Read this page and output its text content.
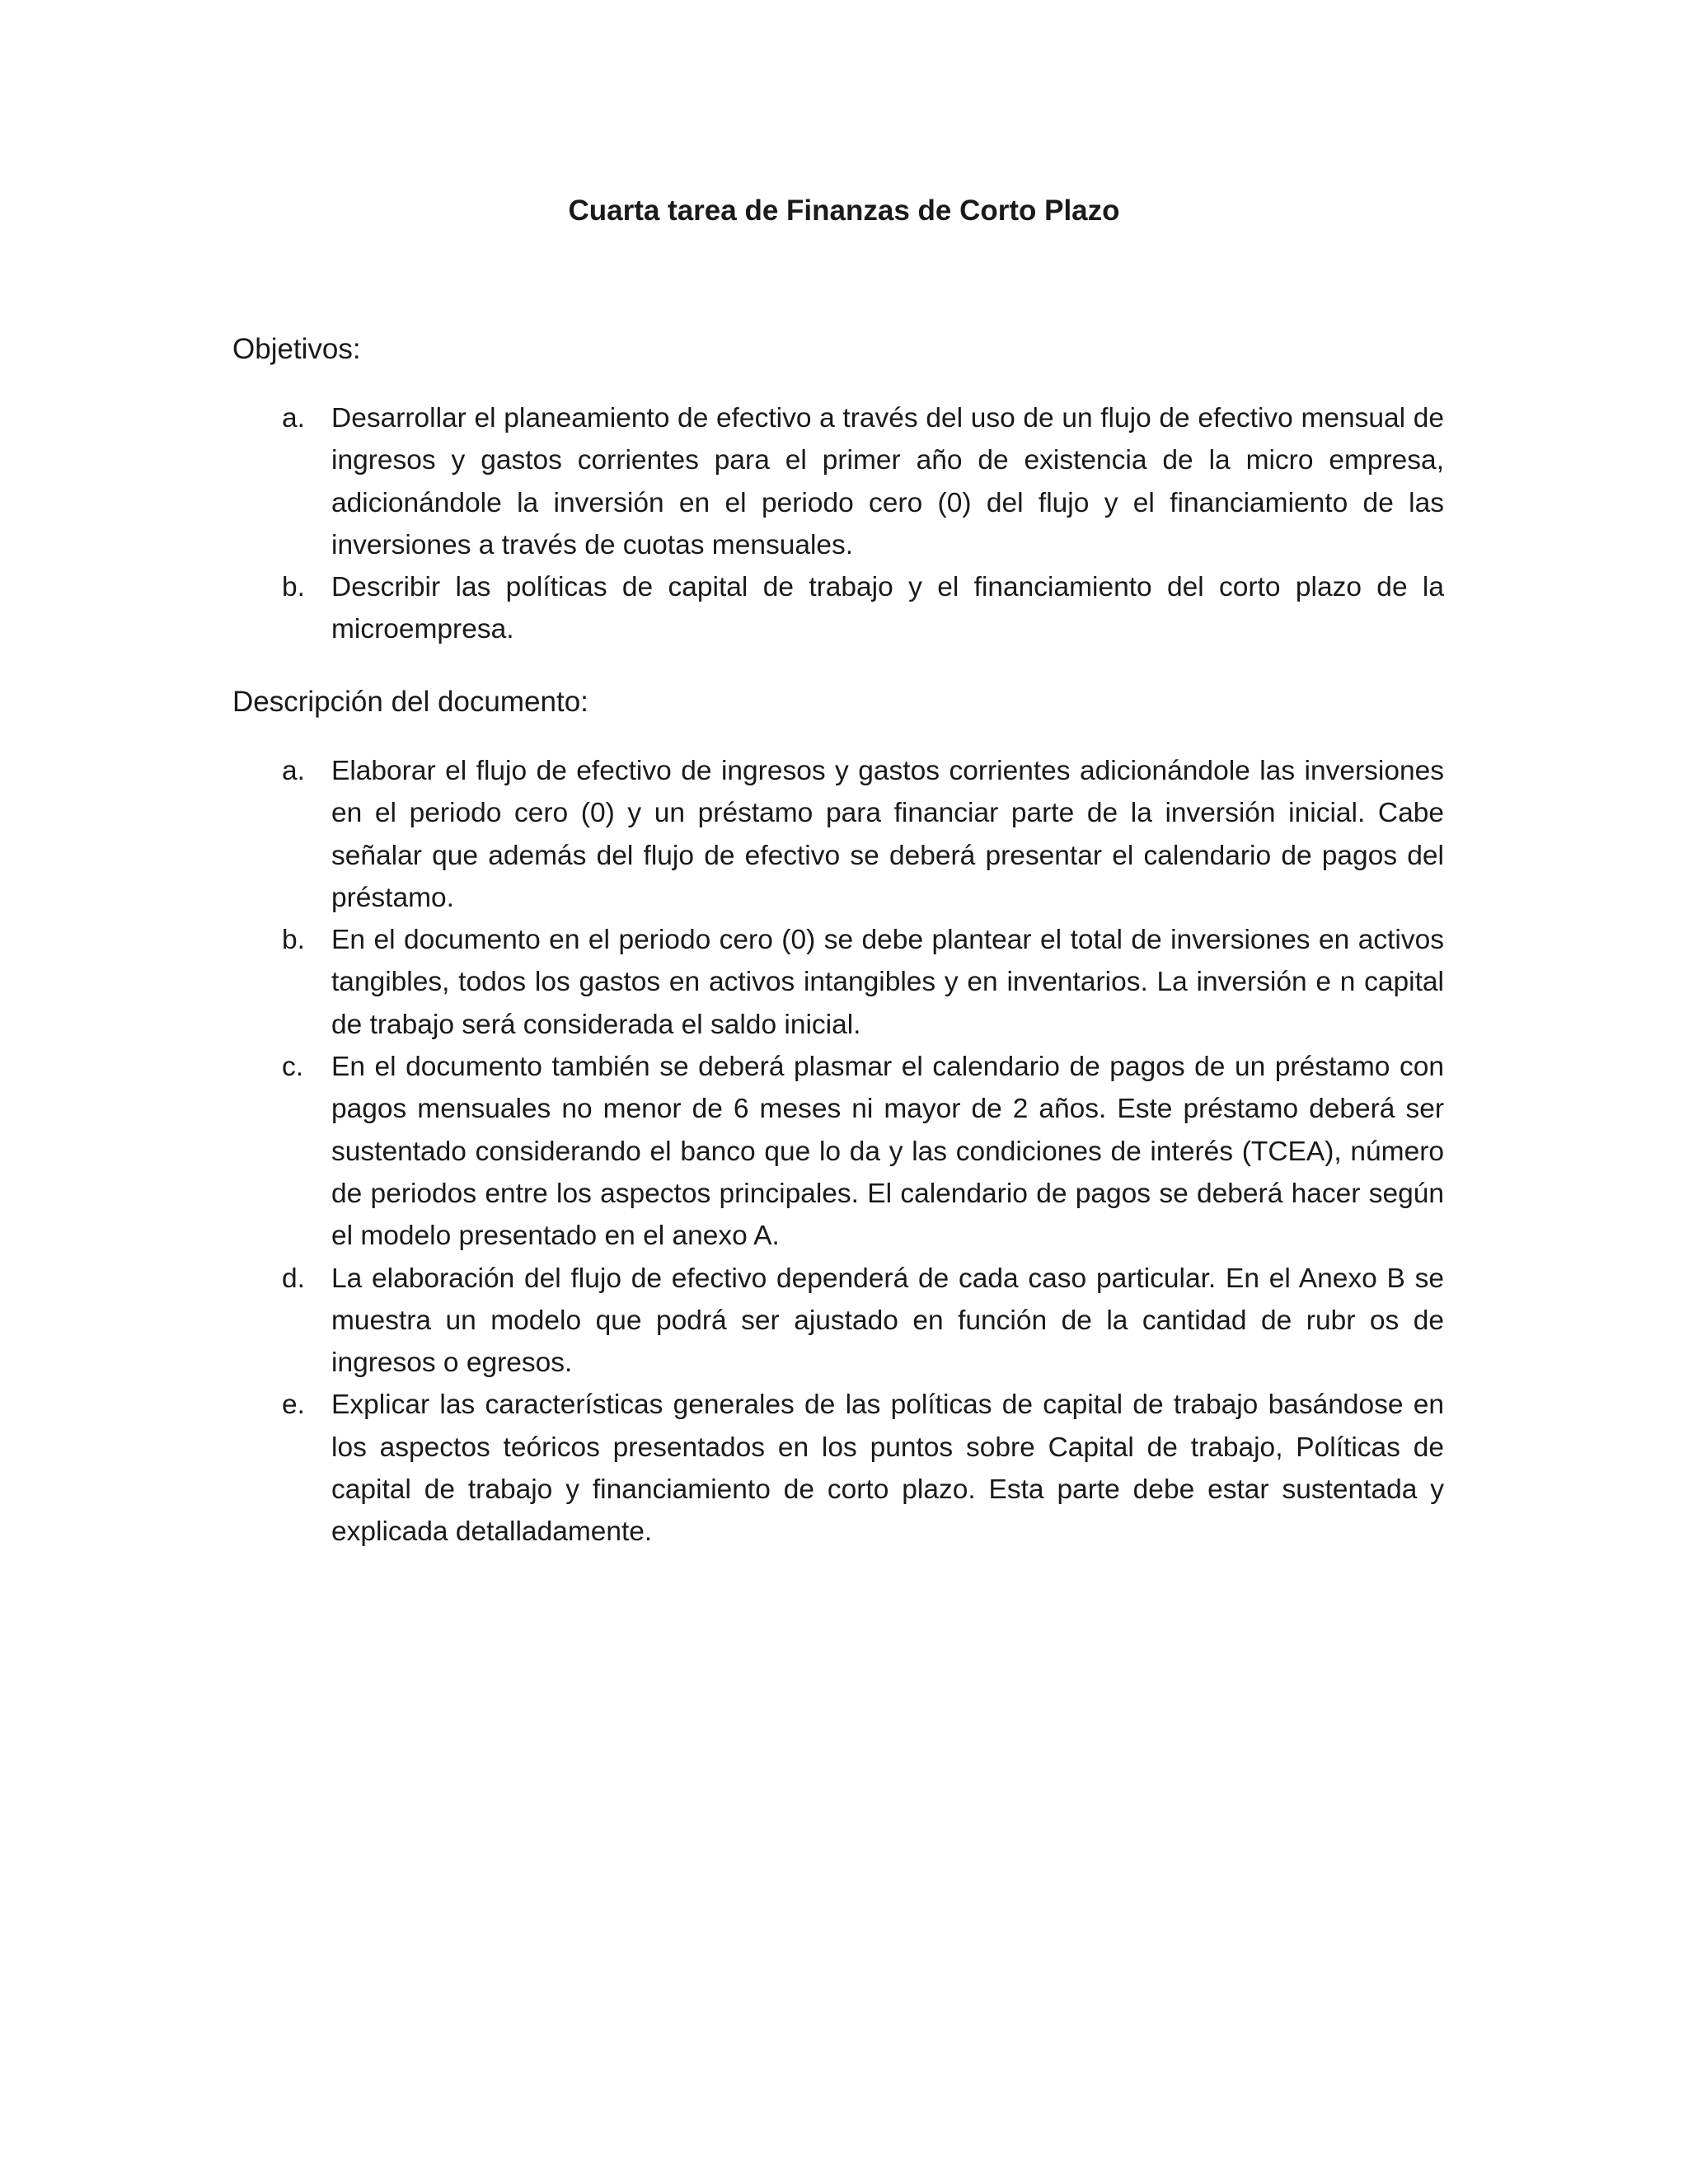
Cuarta tarea de Finanzas de Corto Plazo

Objetivos:

a. Desarrollar el planeamiento de efectivo a través del uso de un flujo de efectivo mensual de ingresos y gastos corrientes para el primer año de existencia de la micro empresa, adicionándole la inversión en el periodo cero (0) del flujo y el financiamiento de las inversiones a través de cuotas mensuales.
b. Describir las políticas de capital de trabajo y el financiamiento del corto plazo de la microempresa.

Descripción del documento:

a. Elaborar el flujo de efectivo de ingresos y gastos corrientes adicionándole las inversiones en el periodo cero (0) y un préstamo para financiar parte de la inversión inicial. Cabe señalar que además del flujo de efectivo se deberá presentar el calendario de pagos del préstamo.
b. En el documento en el periodo cero (0) se debe plantear el total de inversiones en activos tangibles, todos los gastos en activos intangibles y en inventarios. La inversión e n capital de trabajo será considerada el saldo inicial.
c. En el documento también se deberá plasmar el calendario de pagos de un préstamo con pagos mensuales no menor de 6 meses ni mayor de 2 años. Este préstamo deberá ser sustentado considerando el banco que lo da y las condiciones de interés (TCEA), número de periodos entre los aspectos principales. El calendario de pagos se deberá hacer según el modelo presentado en el anexo A.
d. La elaboración del flujo de efectivo dependerá de cada caso particular. En el Anexo B se muestra un modelo que podrá ser ajustado en función de la cantidad de rubr os de ingresos o egresos.
e. Explicar las características generales de las políticas de capital de trabajo basándose en los aspectos teóricos presentados en los puntos sobre Capital de trabajo, Políticas de capital de trabajo y financiamiento de corto plazo. Esta parte debe estar sustentada y explicada detalladamente.
